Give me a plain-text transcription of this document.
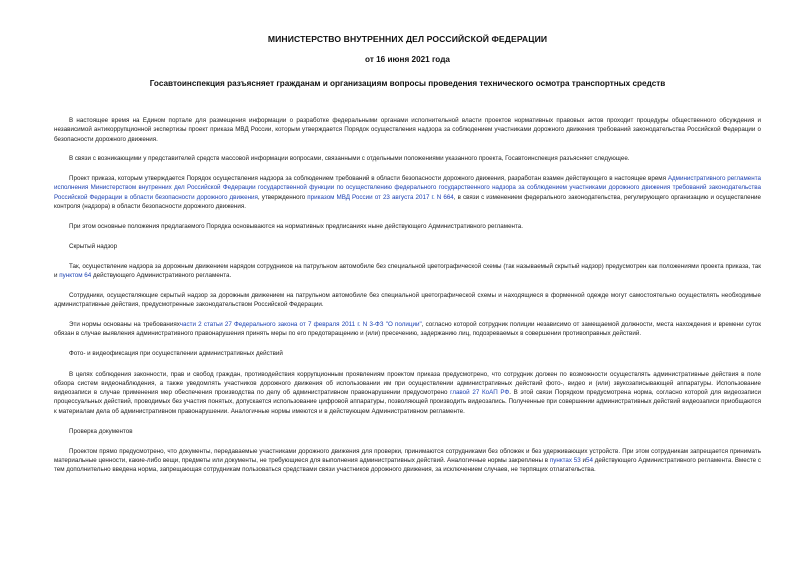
МИНИСТЕРСТВО ВНУТРЕННИХ ДЕЛ РОССИЙСКОЙ ФЕДЕРАЦИИ
от 16 июня 2021 года
Госавтоинспекция разъясняет гражданам и организациям вопросы проведения технического осмотра транспортных средств

В настоящее время на Едином портале для размещения информации о разработке федеральными органами исполнительной власти проектов нормативных правовых актов проходит процедуры общественного обсуждения и независимой антикоррупционной экспертизы проект приказа МВД России, которым утверждается Порядок осуществления надзора за соблюдением участниками дорожного движения требований законодательства Российской Федерации о безопасности дорожного движения.

В связи с возникающими у представителей средств массовой информации вопросами, связанными с отдельными положениями указанного проекта, Госавтоинспекция разъясняет следующее.

Проект приказа, которым утверждается Порядок осуществления надзора за соблюдением требований в области безопасности дорожного движения, разработан взамен действующего в настоящее время Административного регламента исполнения Министерством внутренних дел Российской Федерации государственной функции по осуществлению федерального государственного надзора за соблюдением участниками дорожного движения требований законодательства Российской Федерации в области безопасности дорожного движения, утвержденного приказом МВД России от 23 августа 2017 г. N 664, в связи с изменением федерального законодательства, регулирующего организацию и осуществление контроля (надзора) в области безопасности дорожного движения.

При этом основные положения предлагаемого Порядка основываются на нормативных предписаниях ныне действующего Административного регламента.

Скрытый надзор

Так, осуществление надзора за дорожным движением нарядом сотрудников на патрульном автомобиле без специальной цветографической схемы (так называемый скрытый надзор) предусмотрен как положениями проекта приказа, так и пунктом 64 действующего Административного регламента.

Сотрудники, осуществляющие скрытый надзор за дорожным движением на патрульном автомобиле без специальной цветографической схемы и находящиеся в форменной одежде могут самостоятельно осуществлять необходимые административные действия, предусмотренные законодательством Российской Федерации.

Эти нормы основаны на требованияхчасти 2 статьи 27 Федерального закона от 7 февраля 2011 г. N 3-ФЗ "О полиции", согласно которой сотрудник полиции независимо от замещаемой должности, места нахождения и времени суток обязан в случае выявления административного правонарушения принять меры по его предотвращению и (или) пресечению, задержанию лиц, подозреваемых в совершении противоправных действий.

Фото- и видеофиксация при осуществлении административных действий

В целях соблюдения законности, прав и свобод граждан, противодействия коррупционным проявлениям проектом приказа предусмотрено, что сотрудник должен по возможности осуществлять административные действия в поле обзора систем видеонаблюдения, а также уведомлять участников дорожного движения об использовании им при осуществлении административных действий фото-, видео и (или) звукозаписывающей аппаратуры. Использование видеозаписи в случае применения мер обеспечения производства по делу об административном правонарушении предусмотрено главой 27 КоАП РФ. В этой связи Порядком предусмотрена норма, согласно которой для видеозаписи процессуальных действий, проводимых без участия понятых, допускается использование цифровой аппаратуры, позволяющей производить видеозапись. Полученные при совершении административных действий видеозаписи приобщаются к материалам дела об административном правонарушении. Аналогичные нормы имеются и в действующем Административном регламенте.

Проверка документов

Проектом прямо предусмотрено, что документы, передаваемые участниками дорожного движения для проверки, принимаются сотрудниками без обложек и без удерживающих устройств. При этом сотрудникам запрещается принимать материальные ценности, какие-либо вещи, предметы или документы, не требующиеся для выполнения административных действий. Аналогичные нормы закреплены в пунктах 53 и54 действующего Административного регламента. Вместе с тем дополнительно введена норма, запрещающая сотрудникам пользоваться средствами связи участников дорожного движения, за исключением случаев, не терпящих отлагательства.
